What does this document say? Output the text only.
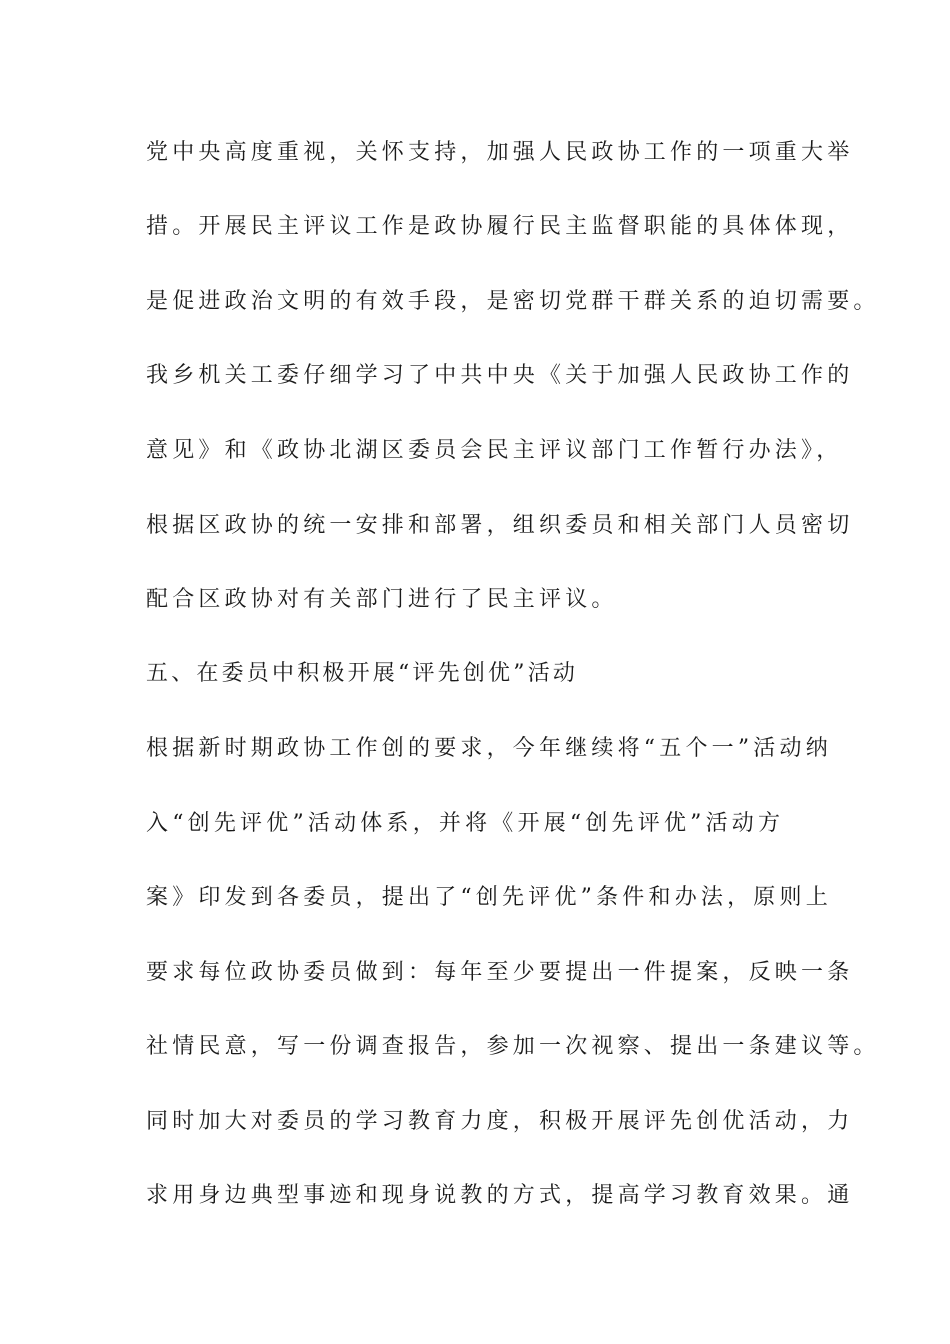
党中央高度重视，关怀支持，加强人民政协工作的一项重大举
措。开展民主评议工作是政协履行民主监督职能的具体体现，
是促进政治文明的有效手段，是密切党群干群关系的迫切需要。
我乡机关工委仔细学习了中共中央《关于加强人民政协工作的
意见》和《政协北湖区委员会民主评议部门工作暂行办法》，
根据区政协的统一安排和部署，组织委员和相关部门人员密切
配合区政协对有关部门进行了民主评议。
五、在委员中积极开展“评先创优”活动
根据新时期政协工作创的要求，今年继续将“五个一”活动纳
入“创先评优”活动体系，并将《开展“创先评优”活动方
案》印发到各委员，提出了“创先评优”条件和办法，原则上
要求每位政协委员做到：每年至少要提出一件提案，反映一条
社情民意，写一份调查报告，参加一次视察、提出一条建议等。
同时加大对委员的学习教育力度，积极开展评先创优活动，力
求用身边典型事迹和现身说教的方式，提高学习教育效果。通
